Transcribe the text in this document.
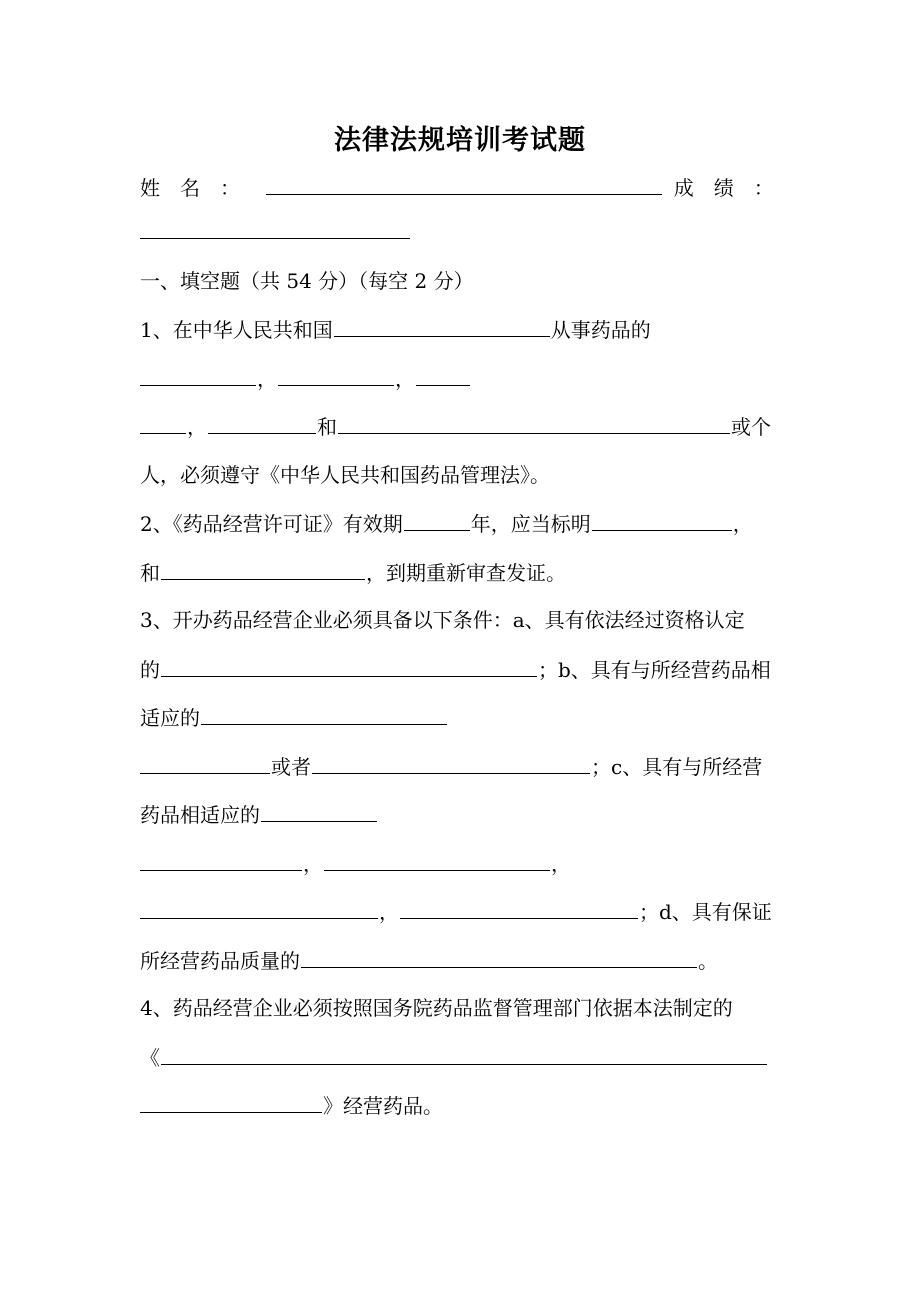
法律法规培训考试题
姓　名　：	成　绩　：
一、填空题（共 54 分）（每空 2 分）
1、在中华人民共和国	从事药品的
，	，
，	和	或个
人，必须遵守《中华人民共和国药品管理法》。
2、《药品经营许可证》有效期	年，应当标明	，
和	，到期重新审查发证。
3、开办药品经营企业必须具备以下条件：a、具有依法经过资格认定
的	；b、具有与所经营药品相
适应的
或者	；c、具有与所经营
药品相适应的
，	，
，	；d、具有保证
所经营药品质量的	。
4、药品经营企业必须按照国务院药品监督管理部门依据本法制定的
《
》经营药品。
